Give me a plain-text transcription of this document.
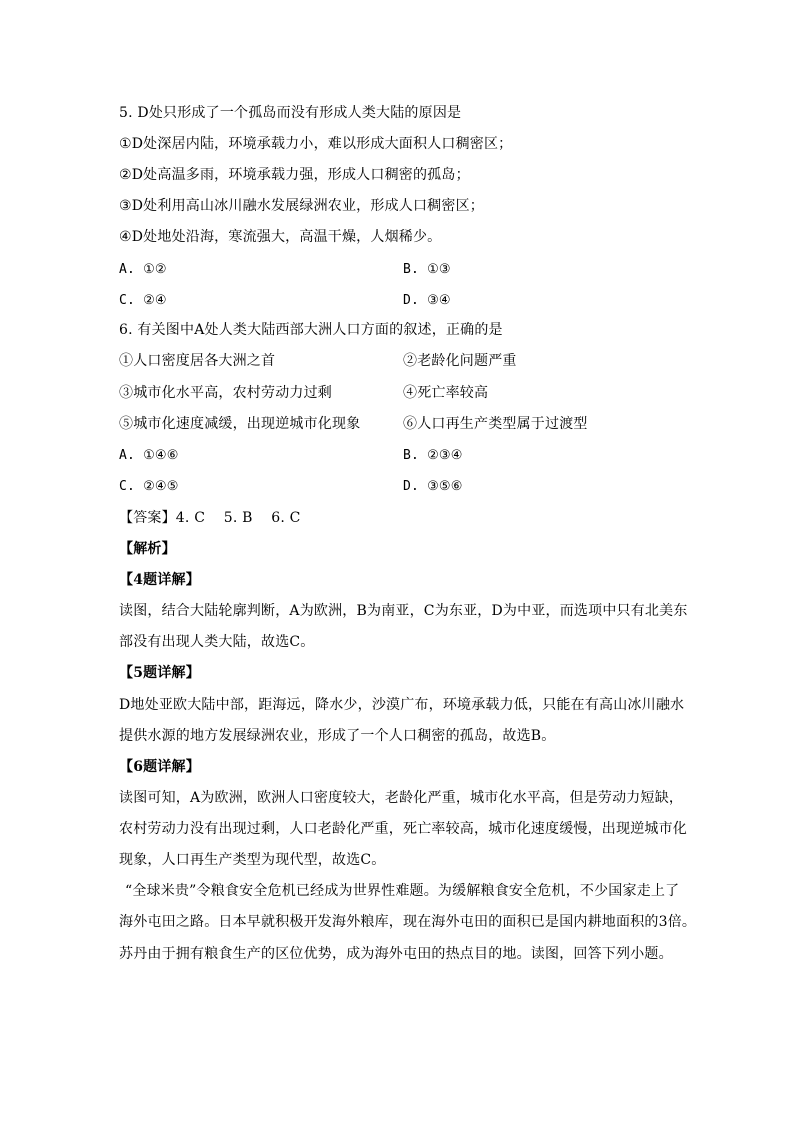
5. D处只形成了一个孤岛而没有形成人类大陆的原因是
①D处深居内陆，环境承载力小，难以形成大面积人口稠密区；
②D处高温多雨，环境承载力强，形成人口稠密的孤岛；
③D处利用高山冰川融水发展绿洲农业，形成人口稠密区；
④D处地处沿海，寒流强大，高温干燥，人烟稀少。
A. ①②	B. ①③
C. ②④	D. ③④
6. 有关图中A处人类大陆西部大洲人口方面的叙述，正确的是
①人口密度居各大洲之首	②老龄化问题严重
③城市化水平高，农村劳动力过剩	④死亡率较高
⑤城市化速度减缓，出现逆城市化现象	⑥人口再生产类型属于过渡型
A. ①④⑥	B. ②③④
C. ②④⑤	D. ③⑤⑥
【答案】4. C    5. B    6. C
【解析】
【4题详解】
读图，结合大陆轮廓判断，A为欧洲，B为南亚，C为东亚，D为中亚，而选项中只有北美东
部没有出现人类大陆，故选C。
【5题详解】
D地处亚欧大陆中部，距海远，降水少，沙漠广布，环境承载力低，只能在有高山冰川融水
提供水源的地方发展绿洲农业，形成了一个人口稠密的孤岛，故选B。
【6题详解】
读图可知，A为欧洲，欧洲人口密度较大，老龄化严重，城市化水平高，但是劳动力短缺，
农村劳动力没有出现过剩，人口老龄化严重，死亡率较高，城市化速度缓慢，出现逆城市化
现象，人口再生产类型为现代型，故选C。
“全球米贵”令粮食安全危机已经成为世界性难题。为缓解粮食安全危机，不少国家走上了
海外屯田之路。日本早就积极开发海外粮库，现在海外屯田的面积已是国内耕地面积的3倍。
苏丹由于拥有粮食生产的区位优势，成为海外屯田的热点目的地。读图，回答下列小题。
